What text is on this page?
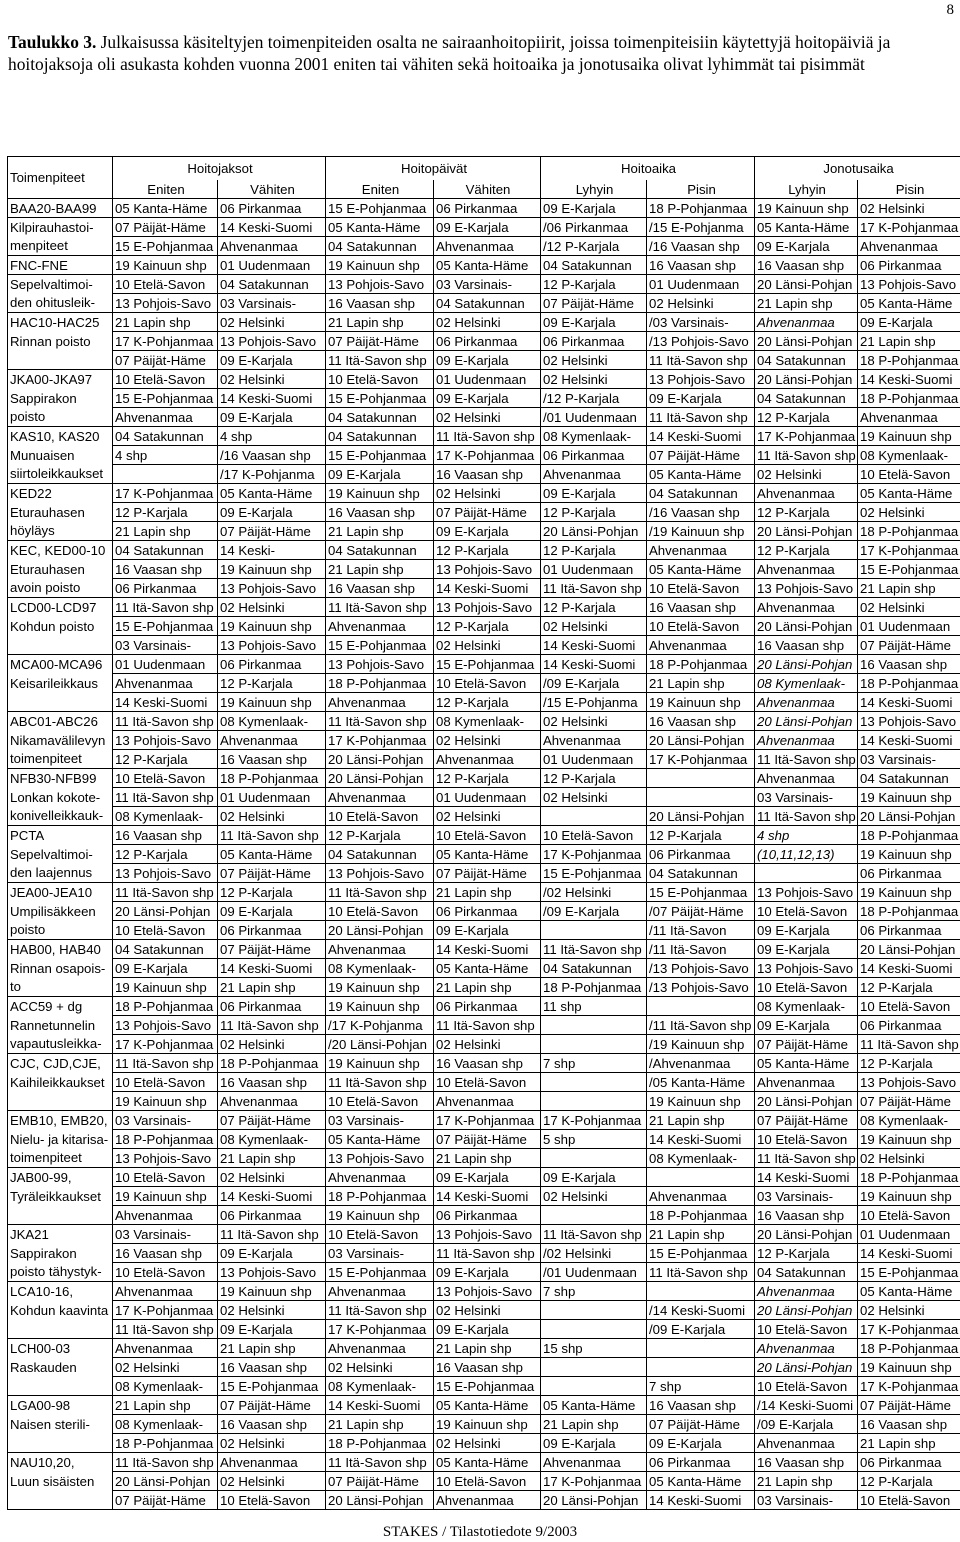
8
Taulukko 3. Julkaisussa käsiteltyjen toimenpiteiden osalta ne sairaanhoitopiirit, joissa toimenpiteisiin käytettyjä hoitopäiviä ja hoitojaksoja oli asukasta kohden vuonna 2001 eniten tai vähiten sekä hoitoaika ja jonotusaika olivat lyhimmät tai pisimmät
Toimenpiteet	Hoitojaksot		Hoitopäivät		Hoitoaika		Jonotusaika	
	Eniten	Vähiten	Eniten	Vähiten	Lyhyin	Pisin	Lyhyin	Pisin
BAA20-BAA99	05 Kanta-Häme	06 Pirkanmaa	15 E-Pohjanmaa	06 Pirkanmaa	09 E-Karjala	18 P-Pohjanmaa	19 Kainuun shp	02 Helsinki
Kilpirauhastoi-	07 Päijät-Häme	14 Keski-Suomi	05 Kanta-Häme	09 E-Karjala	/06 Pirkanmaa	/15 E-Pohjanma	05 Kanta-Häme	17 K-Pohjanmaa
menpiteet	15 E-Pohjanmaa	Ahvenanmaa	04 Satakunnan	Ahvenanmaa	/12 P-Karjala	/16 Vaasan shp	09 E-Karjala	Ahvenanmaa
FNC-FNE	19 Kainuun shp	01 Uudenmaan	19 Kainuun shp	05 Kanta-Häme	04 Satakunnan	16 Vaasan shp	16 Vaasan shp	06 Pirkanmaa
Sepelvaltimoi-	10 Etelä-Savon	04 Satakunnan	13 Pohjois-Savo	03 Varsinais-	12 P-Karjala	01 Uudenmaan	20 Länsi-Pohjan	13 Pohjois-Savo
den ohitusleik-	13 Pohjois-Savo	03 Varsinais-	16 Vaasan shp	04 Satakunnan	07 Päijät-Häme	02 Helsinki	21 Lapin shp	05 Kanta-Häme
HAC10-HAC25	21 Lapin shp	02 Helsinki	21 Lapin shp	02 Helsinki	09 E-Karjala	/03 Varsinais-	Ahvenanmaa	09 E-Karjala
Rinnan poisto	17 K-Pohjanmaa	13 Pohjois-Savo	07 Päijät-Häme	06 Pirkanmaa	06 Pirkanmaa	/13 Pohjois-Savo	20 Länsi-Pohjan	21 Lapin shp
	07 Päijät-Häme	09 E-Karjala	11 Itä-Savon shp	09 E-Karjala	02 Helsinki	11 Itä-Savon shp	04 Satakunnan	18 P-Pohjanmaa
JKA00-JKA97	10 Etelä-Savon	02 Helsinki	10 Etelä-Savon	01 Uudenmaan	02 Helsinki	13 Pohjois-Savo	20 Länsi-Pohjan	14 Keski-Suomi
Sappirakon	15 E-Pohjanmaa	14 Keski-Suomi	15 E-Pohjanmaa	09 E-Karjala	/12 P-Karjala	09 E-Karjala	04 Satakunnan	18 P-Pohjanmaa
poisto	Ahvenanmaa	09 E-Karjala	04 Satakunnan	02 Helsinki	/01 Uudenmaan	11 Itä-Savon shp	12 P-Karjala	Ahvenanmaa
KAS10, KAS20	04 Satakunnan	4 shp	04 Satakunnan	11 Itä-Savon shp	08 Kymenlaak-	14 Keski-Suomi	17 K-Pohjanmaa	19 Kainuun shp
Munuaisen	4 shp	/16 Vaasan shp	15 E-Pohjanmaa	17 K-Pohjanmaa	06 Pirkanmaa	07 Päijät-Häme	11 Itä-Savon shp	08 Kymenlaak-
siirtoleikkaukset		/17 K-Pohjanma	09 E-Karjala	16 Vaasan shp	Ahvenanmaa	05 Kanta-Häme	02 Helsinki	10 Etelä-Savon
KED22	17 K-Pohjanmaa	05 Kanta-Häme	19 Kainuun shp	02 Helsinki	09 E-Karjala	04 Satakunnan	Ahvenanmaa	05 Kanta-Häme
Eturauhasen	12 P-Karjala	09 E-Karjala	16 Vaasan shp	07 Päijät-Häme	12 P-Karjala	/16 Vaasan shp	12 P-Karjala	02 Helsinki
höyläys	21 Lapin shp	07 Päijät-Häme	21 Lapin shp	09 E-Karjala	20 Länsi-Pohjan	/19 Kainuun shp	20 Länsi-Pohjan	18 P-Pohjanmaa
KEC, KED00-10	04 Satakunnan	14 Keski-	04 Satakunnan	12 P-Karjala	12 P-Karjala	Ahvenanmaa	12 P-Karjala	17 K-Pohjanmaa
Eturauhasen	16 Vaasan shp	19 Kainuun shp	21 Lapin shp	13 Pohjois-Savo	01 Uudenmaan	05 Kanta-Häme	Ahvenanmaa	15 E-Pohjanmaa
avoin poisto	06 Pirkanmaa	13 Pohjois-Savo	16 Vaasan shp	14 Keski-Suomi	11 Itä-Savon shp	10 Etelä-Savon	13 Pohjois-Savo	21 Lapin shp
LCD00-LCD97	11 Itä-Savon shp	02 Helsinki	11 Itä-Savon shp	13 Pohjois-Savo	12 P-Karjala	16 Vaasan shp	Ahvenanmaa	02 Helsinki
Kohdun poisto	15 E-Pohjanmaa	19 Kainuun shp	Ahvenanmaa	12 P-Karjala	02 Helsinki	10 Etelä-Savon	20 Länsi-Pohjan	01 Uudenmaan
	03 Varsinais-	13 Pohjois-Savo	15 E-Pohjanmaa	02 Helsinki	14 Keski-Suomi	Ahvenanmaa	16 Vaasan shp	07 Päijät-Häme
MCA00-MCA96	01 Uudenmaan	06 Pirkanmaa	13 Pohjois-Savo	15 E-Pohjanmaa	14 Keski-Suomi	18 P-Pohjanmaa	20 Länsi-Pohjan	16 Vaasan shp
Keisarileikkaus	Ahvenanmaa	12 P-Karjala	18 P-Pohjanmaa	10 Etelä-Savon	/09 E-Karjala	21 Lapin shp	08 Kymenlaak-	18 P-Pohjanmaa
	14 Keski-Suomi	19 Kainuun shp	Ahvenanmaa	12 P-Karjala	/15 E-Pohjanma	19 Kainuun shp	Ahvenanmaa	14 Keski-Suomi
ABC01-ABC26	11 Itä-Savon shp	08 Kymenlaak-	11 Itä-Savon shp	08 Kymenlaak-	02 Helsinki	16 Vaasan shp	20 Länsi-Pohjan	13 Pohjois-Savo
Nikamavälilevyn	13 Pohjois-Savo	Ahvenanmaa	17 K-Pohjanmaa	02 Helsinki	Ahvenanmaa	20 Länsi-Pohjan	Ahvenanmaa	14 Keski-Suomi
toimenpiteet	12 P-Karjala	16 Vaasan shp	20 Länsi-Pohjan	Ahvenanmaa	01 Uudenmaan	17 K-Pohjanmaa	11 Itä-Savon shp	03 Varsinais-
NFB30-NFB99	10 Etelä-Savon	18 P-Pohjanmaa	20 Länsi-Pohjan	12 P-Karjala	12 P-Karjala		Ahvenanmaa	04 Satakunnan
Lonkan kokote-	11 Itä-Savon shp	01 Uudenmaan	Ahvenanmaa	01 Uudenmaan	02 Helsinki		03 Varsinais-	19 Kainuun shp
konivelleikkauk-	08 Kymenlaak-	02 Helsinki	10 Etelä-Savon	02 Helsinki		20 Länsi-Pohjan	11 Itä-Savon shp	20 Länsi-Pohjan
PCTA	16 Vaasan shp	11 Itä-Savon shp	12 P-Karjala	10 Etelä-Savon	10 Etelä-Savon	12 P-Karjala	4 shp	18 P-Pohjanmaa
Sepelvaltimoi-	12 P-Karjala	05 Kanta-Häme	04 Satakunnan	05 Kanta-Häme	17 K-Pohjanmaa	06 Pirkanmaa	(10,11,12,13)	19 Kainuun shp
den laajennus	13 Pohjois-Savo	07 Päijät-Häme	13 Pohjois-Savo	07 Päijät-Häme	15 E-Pohjanmaa	04 Satakunnan		06 Pirkanmaa
JEA00-JEA10	11 Itä-Savon shp	12 P-Karjala	11 Itä-Savon shp	21 Lapin shp	/02 Helsinki	15 E-Pohjanmaa	13 Pohjois-Savo	19 Kainuun shp
Umpilisäkkeen	20 Länsi-Pohjan	09 E-Karjala	10 Etelä-Savon	06 Pirkanmaa	/09 E-Karjala	/07 Päijät-Häme	10 Etelä-Savon	18 P-Pohjanmaa
poisto	10 Etelä-Savon	06 Pirkanmaa	20 Länsi-Pohjan	09 E-Karjala		/11 Itä-Savon	09 E-Karjala	06 Pirkanmaa
HAB00, HAB40	04 Satakunnan	07 Päijät-Häme	Ahvenanmaa	14 Keski-Suomi	11 Itä-Savon shp	/11 Itä-Savon	09 E-Karjala	20 Länsi-Pohjan
Rinnan osapois-	09 E-Karjala	14 Keski-Suomi	08 Kymenlaak-	05 Kanta-Häme	04 Satakunnan	/13 Pohjois-Savo	13 Pohjois-Savo	14 Keski-Suomi
to	19 Kainuun shp	21 Lapin shp	19 Kainuun shp	21 Lapin shp	18 P-Pohjanmaa	/13 Pohjois-Savo	10 Etelä-Savon	12 P-Karjala
ACC59 + dg	18 P-Pohjanmaa	06 Pirkanmaa	19 Kainuun shp	06 Pirkanmaa	11 shp		08 Kymenlaak-	10 Etelä-Savon
Rannetunnelin	13 Pohjois-Savo	11 Itä-Savon shp	/17 K-Pohjanma	11 Itä-Savon shp		/11 Itä-Savon shp	09 E-Karjala	06 Pirkanmaa
vapautusleikka-	17 K-Pohjanmaa	02 Helsinki	/20 Länsi-Pohjan	02 Helsinki		/19 Kainuun shp	07 Päijät-Häme	11 Itä-Savon shp
CJC, CJD,CJE,	11 Itä-Savon shp	18 P-Pohjanmaa	19 Kainuun shp	16 Vaasan shp	7 shp	/Ahvenanmaa	05 Kanta-Häme	12 P-Karjala
Kaihileikkaukset	10 Etelä-Savon	16 Vaasan shp	11 Itä-Savon shp	10 Etelä-Savon		/05 Kanta-Häme	Ahvenanmaa	13 Pohjois-Savo
	19 Kainuun shp	Ahvenanmaa	10 Etelä-Savon	Ahvenanmaa		19 Kainuun shp	20 Länsi-Pohjan	07 Päijät-Häme
EMB10, EMB20,	03 Varsinais-	07 Päijät-Häme	03 Varsinais-	17 K-Pohjanmaa	17 K-Pohjanmaa	21 Lapin shp	07 Päijät-Häme	08 Kymenlaak-
Nielu- ja kitarisa-	18 P-Pohjanmaa	08 Kymenlaak-	05 Kanta-Häme	07 Päijät-Häme	5 shp	14 Keski-Suomi	10 Etelä-Savon	19 Kainuun shp
toimenpiteet	13 Pohjois-Savo	21 Lapin shp	13 Pohjois-Savo	21 Lapin shp		08 Kymenlaak-	11 Itä-Savon shp	02 Helsinki
JAB00-99,	10 Etelä-Savon	02 Helsinki	Ahvenanmaa	09 E-Karjala	09 E-Karjala		14 Keski-Suomi	18 P-Pohjanmaa
Tyräleikkaukset	19 Kainuun shp	14 Keski-Suomi	18 P-Pohjanmaa	14 Keski-Suomi	02 Helsinki	Ahvenanmaa	03 Varsinais-	19 Kainuun shp
	Ahvenanmaa	06 Pirkanmaa	19 Kainuun shp	06 Pirkanmaa		18 P-Pohjanmaa	16 Vaasan shp	10 Etelä-Savon
JKA21	03 Varsinais-	11 Itä-Savon shp	10 Etelä-Savon	13 Pohjois-Savo	11 Itä-Savon shp	21 Lapin shp	20 Länsi-Pohjan	01 Uudenmaan
Sappirakon	16 Vaasan shp	09 E-Karjala	03 Varsinais-	11 Itä-Savon shp	/02 Helsinki	15 E-Pohjanmaa	12 P-Karjala	14 Keski-Suomi
poisto tähystyk-	10 Etelä-Savon	13 Pohjois-Savo	15 E-Pohjanmaa	09 E-Karjala	/01 Uudenmaan	11 Itä-Savon shp	04 Satakunnan	15 E-Pohjanmaa
LCA10-16,	Ahvenanmaa	19 Kainuun shp	Ahvenanmaa	13 Pohjois-Savo	7 shp		Ahvenanmaa	05 Kanta-Häme
Kohdun kaavinta	17 K-Pohjanmaa	02 Helsinki	11 Itä-Savon shp	02 Helsinki		/14 Keski-Suomi	20 Länsi-Pohjan	02 Helsinki
	11 Itä-Savon shp	09 E-Karjala	17 K-Pohjanmaa	09 E-Karjala		/09 E-Karjala	10 Etelä-Savon	17 K-Pohjanmaa
LCH00-03	Ahvenanmaa	21 Lapin shp	Ahvenanmaa	21 Lapin shp	15 shp		Ahvenanmaa	18 P-Pohjanmaa
Raskauden	02 Helsinki	16 Vaasan shp	02 Helsinki	16 Vaasan shp			20 Länsi-Pohjan	19 Kainuun shp
	08 Kymenlaak-	15 E-Pohjanmaa	08 Kymenlaak-	15 E-Pohjanmaa		7 shp	10 Etelä-Savon	17 K-Pohjanmaa
LGA00-98	21 Lapin shp	07 Päijät-Häme	14 Keski-Suomi	05 Kanta-Häme	05 Kanta-Häme	16 Vaasan shp	/14 Keski-Suomi	07 Päijät-Häme
Naisen sterili-	08 Kymenlaak-	16 Vaasan shp	21 Lapin shp	19 Kainuun shp	21 Lapin shp	07 Päijät-Häme	/09 E-Karjala	16 Vaasan shp
	18 P-Pohjanmaa	02 Helsinki	18 P-Pohjanmaa	02 Helsinki	09 E-Karjala	09 E-Karjala	Ahvenanmaa	21 Lapin shp
NAU10,20,	11 Itä-Savon shp	Ahvenanmaa	11 Itä-Savon shp	05 Kanta-Häme	Ahvenanmaa	06 Pirkanmaa	16 Vaasan shp	06 Pirkanmaa
Luun sisäisten	20 Länsi-Pohjan	02 Helsinki	07 Päijät-Häme	10 Etelä-Savon	17 K-Pohjanmaa	05 Kanta-Häme	21 Lapin shp	12 P-Karjala
	07 Päijät-Häme	10 Etelä-Savon	20 Länsi-Pohjan	Ahvenanmaa	20 Länsi-Pohjan	14 Keski-Suomi	03 Varsinais-	10 Etelä-Savon
STAKES / Tilastotiedote 9/2003
